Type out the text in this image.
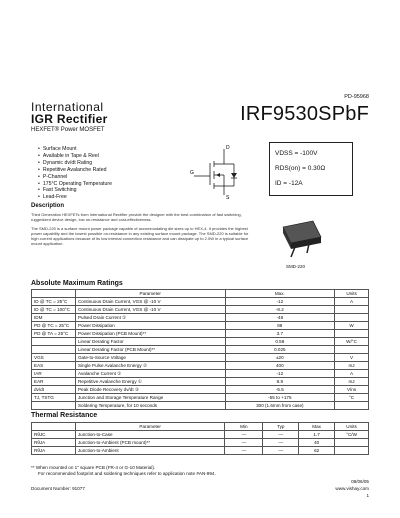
PD-95968
International
IGR Rectifier	IRF9530SPbF
HEXFET® Power MOSFET
• Surface Mount
• Available in Tape & Reel
• Dynamic dv/dt Rating
• Repetitive Avalanche Rated
• P-Channel
• 175°C Operating Temperature
• Fast Switching
• Lead-Free
D
G
S
VDSS = -100V
RDS(on) = 0.30Ω
ID = -12A
Description

Third Generation HEXFETs from International Rectifier provide the designer with the best combination of fast switching, ruggedized device design, low on-resistance and cost-effectiveness.

The SMD-220 is a surface mount power package capable of accommodating die sizes up to HEX-4. It provides the highest power capability and the lowest possible on-resistance in any existing surface mount package. The SMD-220 is suitable for high current applications because of its low internal connection resistance and can dissipate up to 2.0W in a typical surface mount application.

SMD-220
Absolute Maximum Ratings
	Parameter	Max.	Units
ID @ TC = 25°C	Continuous Drain Current, VGS @ -10 V	-12	A
ID @ TC = 100°C	Continuous Drain Current, VGS @ -10 V	-8.2	
IDM	Pulsed Drain Current ①	-48	
PD @ TC = 25°C	Power Dissipation	88	W
PD @ TA = 25°C	Power Dissipation (PCB Mount)**	3.7	
	Linear Derating Factor	0.59	W/°C
	Linear Derating Factor (PCB Mount)**	0.025	
VGS	Gate-to-Source Voltage	±20	V
EAS	Single Pulse Avalanche Energy ②	400	mJ
IAR	Avalanche Current ①	-12	A
EAR	Repetitive Avalanche Energy ①	8.8	mJ
dv/dt	Peak Diode Recovery dv/dt ③	-5.5	V/ns
TJ, TSTG	Junction and Storage Temperature Range	-55 to +175	°C
	Soldering Temperature, for 10 seconds	300 (1.6mm from case)	
Thermal Resistance
	Parameter	Min	Typ	Max	Units
RθJC	Junction-to-Case	—	—	1.7	°C/W
RθJA	Junction-to-Ambient (PCB mount)**	—	—	40	
RθJA	Junction-to-Ambient	—	—	62	
** When mounted on 1" square PCB (FR-4 or G-10 Material).
For recommended footprint and soldering techniques refer to application note #AN-994.
Document Number: 91077
08/06/05
www.vishay.com
1
